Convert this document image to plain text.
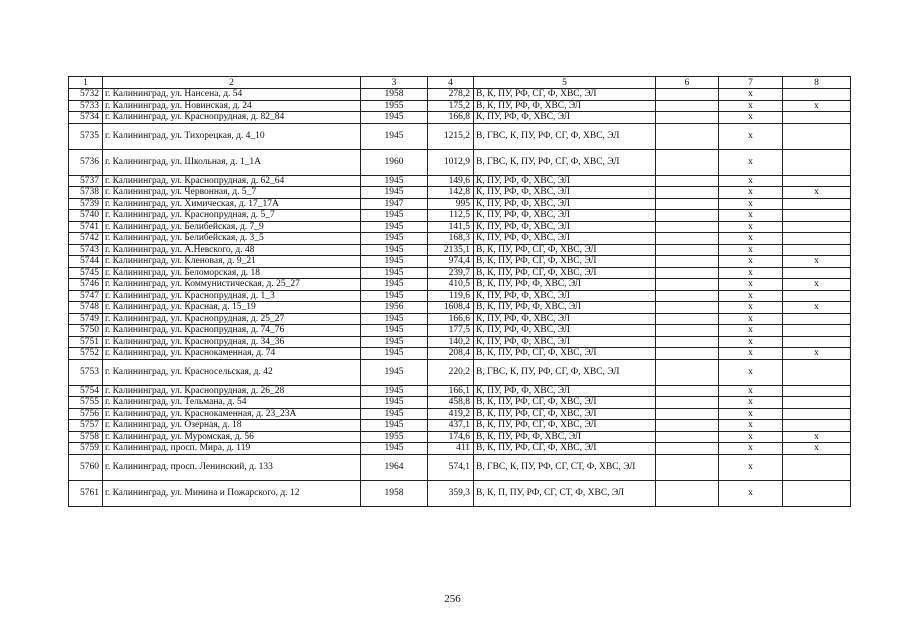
1	2	3	4	5	6	7	8
5732	г. Калининград, ул. Нансена, д. 54	1958	278,2	В, К, ПУ, РФ, СГ, Ф, ХВС, ЭЛ		х	
5733	г. Калининград, ул. Новинская, д. 24	1955	175,2	В, К, ПУ, РФ, Ф, ХВС, ЭЛ		х	х
5734	г. Калининград, ул. Краснопрудная, д. 82_84	1945	166,8	К, ПУ, РФ, Ф, ХВС, ЭЛ		х	
5735	г. Калининград, ул. Тихорецкая, д. 4_10	1945	1215,2	В, ГВС, К, ПУ, РФ, СГ, Ф, ХВС, ЭЛ		х	
5736	г. Калининград, ул. Школьная, д. 1_1А	1960	1012,9	В, ГВС, К, ПУ, РФ, СГ, Ф, ХВС, ЭЛ		х	
5737	г. Калининград, ул. Краснопрудная, д. 62_64	1945	149,6	К, ПУ, РФ, Ф, ХВС, ЭЛ		х	
5738	г. Калининград, ул. Червонная, д. 5_7	1945	142,8	К, ПУ, РФ, Ф, ХВС, ЭЛ		х	х
5739	г. Калининград, ул. Химическая, д. 17_17А	1947	995	К, ПУ, РФ, Ф, ХВС, ЭЛ		х	
5740	г. Калининград, ул. Краснопрудная, д. 5_7	1945	112,5	К, ПУ, РФ, Ф, ХВС, ЭЛ		х	
5741	г. Калининград, ул. Белибейская, д. 7_9	1945	141,5	К, ПУ, РФ, Ф, ХВС, ЭЛ		х	
5742	г. Калининград, ул. Белибейская, д. 3_5	1945	168,3	К, ПУ, РФ, Ф, ХВС, ЭЛ		х	
5743	г. Калининград, ул. А.Невского, д. 48	1945	2135,1	В, К, ПУ, РФ, СГ, Ф, ХВС, ЭЛ		х	
5744	г. Калининград, ул. Кленовая, д. 9_21	1945	974,4	В, К, ПУ, РФ, СГ, Ф, ХВС, ЭЛ		х	х
5745	г. Калининград, ул. Беломорская, д. 18	1945	239,7	В, К, ПУ, РФ, СГ, Ф, ХВС, ЭЛ		х	
5746	г. Калининград, ул. Коммунистическая, д. 25_27	1945	410,5	В, К, ПУ, РФ, Ф, ХВС, ЭЛ		х	х
5747	г. Калининград, ул. Краснопрудная, д. 1_3	1945	119,6	К, ПУ, РФ, Ф, ХВС, ЭЛ		х	
5748	г. Калининград, ул. Красная, д. 15_19	1956	1608,4	В, К, ПУ, РФ, Ф, ХВС, ЭЛ		х	х
5749	г. Калининград, ул. Краснопрудная, д. 25_27	1945	166,6	К, ПУ, РФ, Ф, ХВС, ЭЛ		х	
5750	г. Калининград, ул. Краснопрудная, д. 74_76	1945	177,5	К, ПУ, РФ, Ф, ХВС, ЭЛ		х	
5751	г. Калининград, ул. Краснопрудная, д. 34_36	1945	140,2	К, ПУ, РФ, Ф, ХВС, ЭЛ		х	
5752	г. Калининград, ул. Краснокаменная, д. 74	1945	208,4	В, К, ПУ, РФ, СГ, Ф, ХВС, ЭЛ		х	х
5753	г. Калининград, ул. Красносельская, д. 42	1945	220,2	В, ГВС, К, ПУ, РФ, СГ, Ф, ХВС, ЭЛ		х	
5754	г. Калининград, ул. Краснопрудная, д. 26_28	1945	166,1	К, ПУ, РФ, Ф, ХВС, ЭЛ		х	
5755	г. Калининград, ул. Тельмана, д. 54	1945	458,8	В, К, ПУ, РФ, СГ, Ф, ХВС, ЭЛ		х	
5756	г. Калининград, ул. Краснокаменная, д. 23_23А	1945	419,2	В, К, ПУ, РФ, СГ, Ф, ХВС, ЭЛ		х	
5757	г. Калининград, ул. Озерная, д. 18	1945	437,1	В, К, ПУ, РФ, СГ, Ф, ХВС, ЭЛ		х	
5758	г. Калининград, ул. Муромская, д. 56	1955	174,6	В, К, ПУ, РФ, Ф, ХВС, ЭЛ		х	х
5759	г. Калининград, просп. Мира, д. 119	1945	411	В, К, ПУ, РФ, СГ, Ф, ХВС, ЭЛ		х	х
5760	г. Калининград, просп. Ленинский, д. 133	1964	574,1	В, ГВС, К, ПУ, РФ, СГ, СТ, Ф, ХВС, ЭЛ		х	
5761	г. Калининград, ул. Минина и Пожарского, д. 12	1958	359,3	В, К, П, ПУ, РФ, СГ, СТ, Ф, ХВС, ЭЛ		х	
256
